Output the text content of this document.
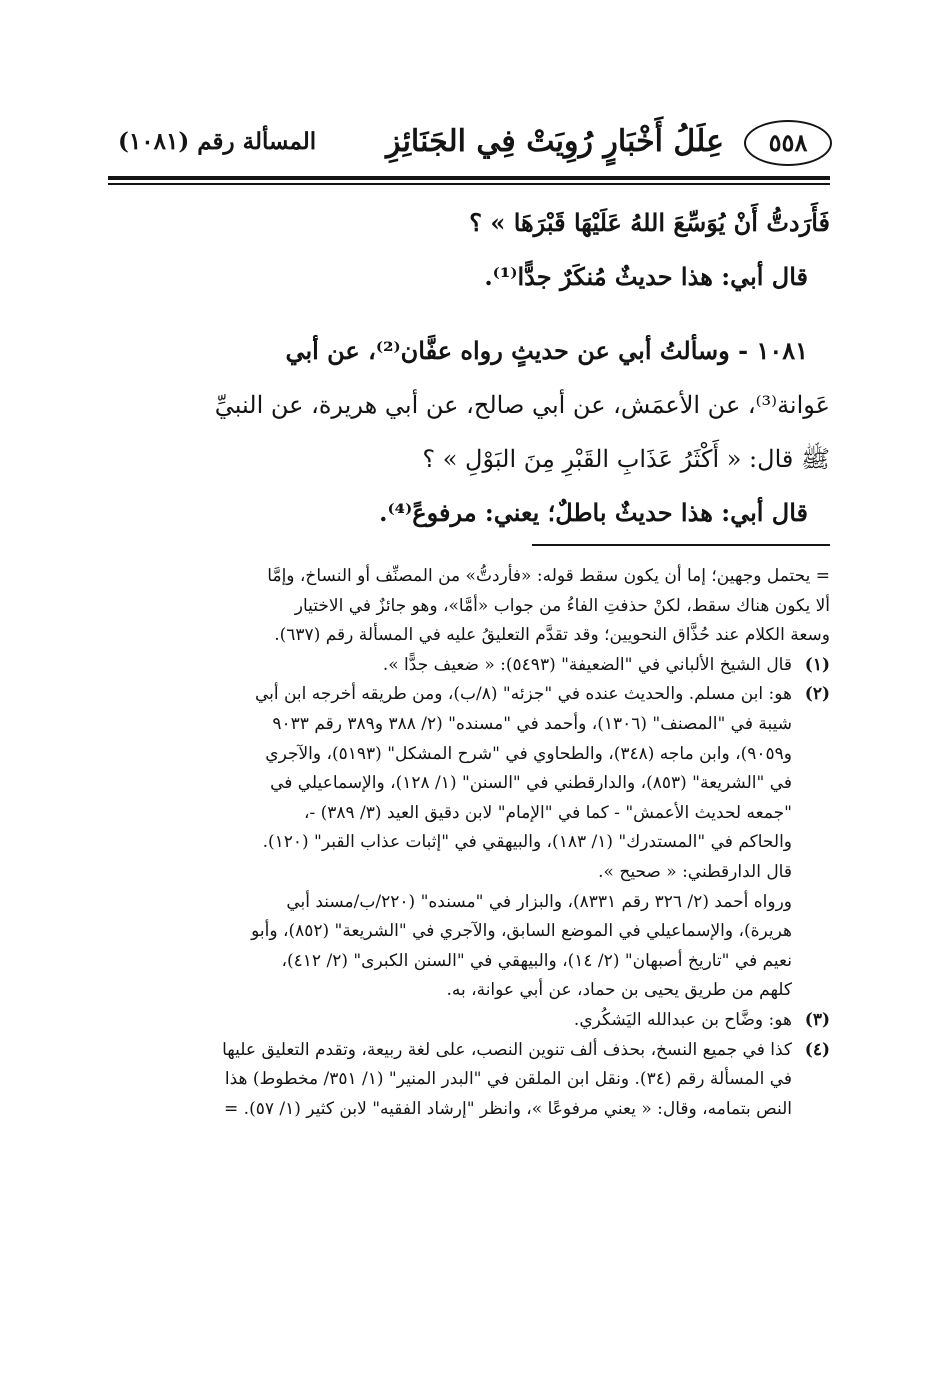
٥٥٨
عِلَلُ أَخْبَارٍ رُوِيَتْ فِي الجَنَائِزِ
المسألة رقم (١٠٨١)
فَأَرَدتُّ أَنْ يُوَسِّعَ اللهُ عَلَيْهَا قَبْرَهَا » ؟
قال أبي: هذا حديثٌ مُنكَرٌ جدًّا⁽¹⁾.
١٠٨١ - وسألتُ أبي عن حديثٍ رواه عفَّان⁽²⁾، عن أبي
عَوانة⁽³⁾، عن الأعمَش، عن أبي صالح، عن أبي هريرة، عن النبيِّ
ﷺ قال: « أَكْثَرُ عَذَابِ القَبْرِ مِنَ البَوْلِ » ؟
قال أبي: هذا حديثٌ باطلٌ؛ يعني: مرفوعً⁽⁴⁾.
= يحتمل وجهين؛ إما أن يكون سقط قوله: «فأردتُّ» من المصنِّف أو النساخ، وإمَّا
ألا يكون هناك سقط، لكنْ حذفتِ الفاءُ من جواب «أمَّا»، وهو جائزٌ في الاختيار
وسعة الكلام عند حُذَّاق النحويين؛ وقد تقدَّم التعليقُ عليه في المسألة رقم (٦٣٧).
(١)قال الشيخ الألباني في "الضعيفة" (٥٤٩٣): « ضعيف جدًّا ».
(٢)هو: ابن مسلم. والحديث عنده في "جزئه" (٨/ب)، ومن طريقه أخرجه ابن أبي
شيبة في "المصنف" (١٣٠٦)، وأحمد في "مسنده" (٢/ ٣٨٨ و٣٨٩ رقم ٩٠٣٣
و٩٠٥٩)، وابن ماجه (٣٤٨)، والطحاوي في "شرح المشكل" (٥١٩٣)، والآجري
في "الشريعة" (٨٥٣)، والدارقطني في "السنن" (١/ ١٢٨)، والإسماعيلي في
"جمعه لحديث الأعمش" - كما في "الإمام" لابن دقيق العيد (٣/ ٣٨٩) -،
والحاكم في "المستدرك" (١/ ١٨٣)، والبيهقي في "إثبات عذاب القبر" (١٢٠).
قال الدارقطني: « صحيح ».
ورواه أحمد (٢/ ٣٢٦ رقم ٨٣٣١)، والبزار في "مسنده" (٢٢٠/ب/مسند أبي
هريرة)، والإسماعيلي في الموضع السابق، والآجري في "الشريعة" (٨٥٢)، وأبو
نعيم في "تاريخ أصبهان" (٢/ ١٤)، والبيهقي في "السنن الكبرى" (٢/ ٤١٢)،
كلهم من طريق يحيى بن حماد، عن أبي عوانة، به.
(٣)هو: وضَّاح بن عبدالله اليَشكُري.
(٤)كذا في جميع النسخ، بحذف ألف تنوين النصب، على لغة ربيعة، وتقدم التعليق عليها
في المسألة رقم (٣٤). ونقل ابن الملقن في "البدر المنير" (١/ ٣٥١/ مخطوط) هذا
النص بتمامه، وقال: « يعني مرفوعًا »، وانظر "إرشاد الفقيه" لابن كثير (١/ ٥٧). =
